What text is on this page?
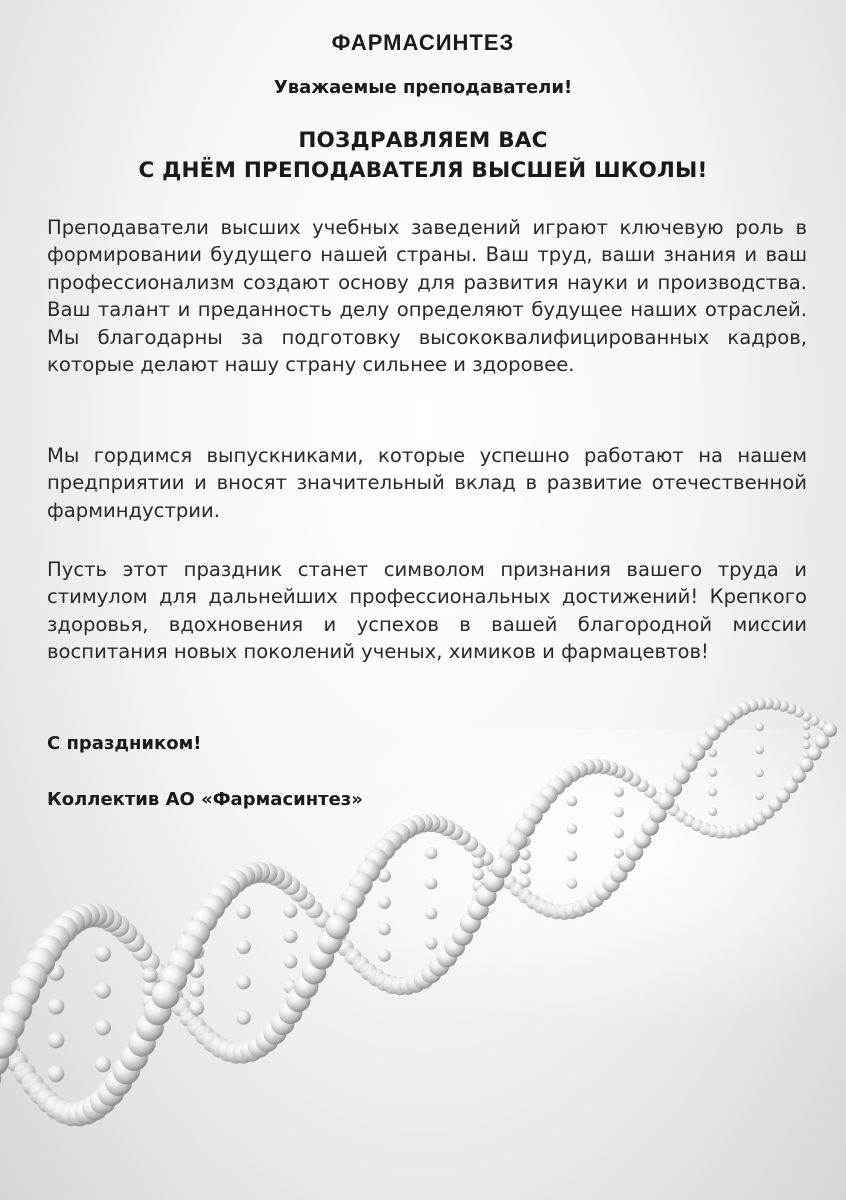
ФАРМАСИНТЕЗ
Уважаемые преподаватели!
ПОЗДРАВЛЯЕМ ВАС
С ДНЁМ ПРЕПОДАВАТЕЛЯ ВЫСШЕЙ ШКОЛЫ!
Преподаватели высших учебных заведений играют ключевую роль в формировании будущего нашей страны. Ваш труд, ваши знания и ваш профессионализм создают основу для развития науки и производства. Ваш талант и преданность делу определяют будущее наших отраслей. Мы благодарны за подготовку высококвалифицированных кадров, которые делают нашу страну сильнее и здоровее.
Мы гордимся выпускниками, которые успешно работают на нашем предприятии и вносят значительный вклад в развитие отечественной фарминдустрии.
Пусть этот праздник станет символом признания вашего труда и стимулом для дальнейших профессиональных достижений! Крепкого здоровья, вдохновения и успехов в вашей благородной миссии воспитания новых поколений ученых, химиков и фармацевтов!
С праздником!
Коллектив АО «Фармасинтез»
